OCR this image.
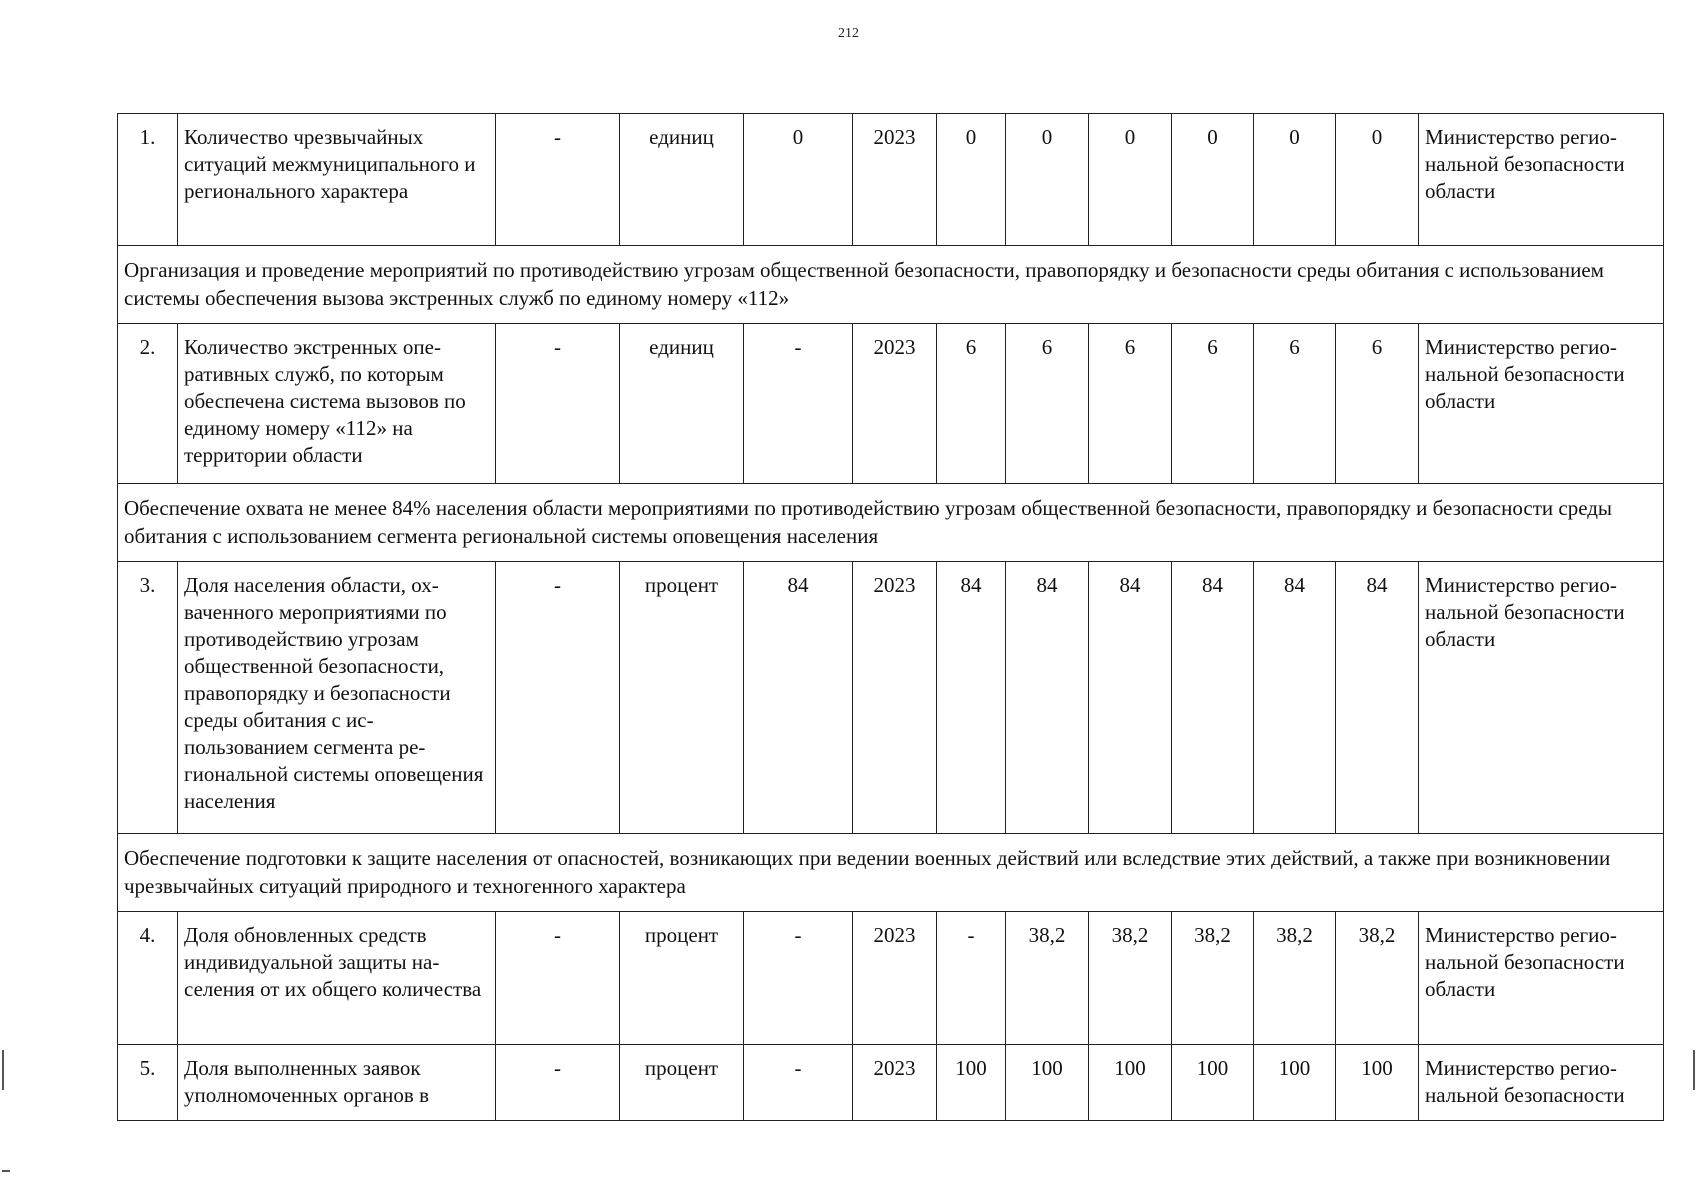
212
1.	Количество чрезвычайных ситуаций межмуниципального и регионального характера	-	единиц	0	2023	0	0	0	0	0	0	Министерство региональной безопасности области
Организация и проведение мероприятий по противодействию угрозам общественной безопасности, правопорядку и безопасности среды обитания с использованием системы обеспечения вызова экстренных служб по единому номеру «112»												
2.	Количество экстренных оперативных служб, по которым обеспечена система вызовов по единому номеру «112» на территории области	-	единиц	-	2023	6	6	6	6	6	6	Министерство региональной безопасности области
Обеспечение охвата не менее 84% населения области мероприятиями по противодействию угрозам общественной безопасности, правопорядку и безопасности среды обитания с использованием сегмента региональной системы оповещения населения												
3.	Доля населения области, охваченного мероприятиями по противодействию угрозам общественной безопасности, правопорядку и безопасности среды обитания с использованием сегмента региональной системы оповещения населения	-	процент	84	2023	84	84	84	84	84	84	Министерство региональной безопасности области
Обеспечение подготовки к защите населения от опасностей, возникающих при ведении военных действий или вследствие этих действий, а также при возникновении чрезвычайных ситуаций природного и техногенного характера												
4.	Доля обновленных средств индивидуальной защиты населения от их общего количества	-	процент	-	2023	-	38,2	38,2	38,2	38,2	38,2	Министерство региональной безопасности области
5.	Доля выполненных заявок уполномоченных органов в	-	процент	-	2023	100	100	100	100	100	100	Министерство региональной безопасности
